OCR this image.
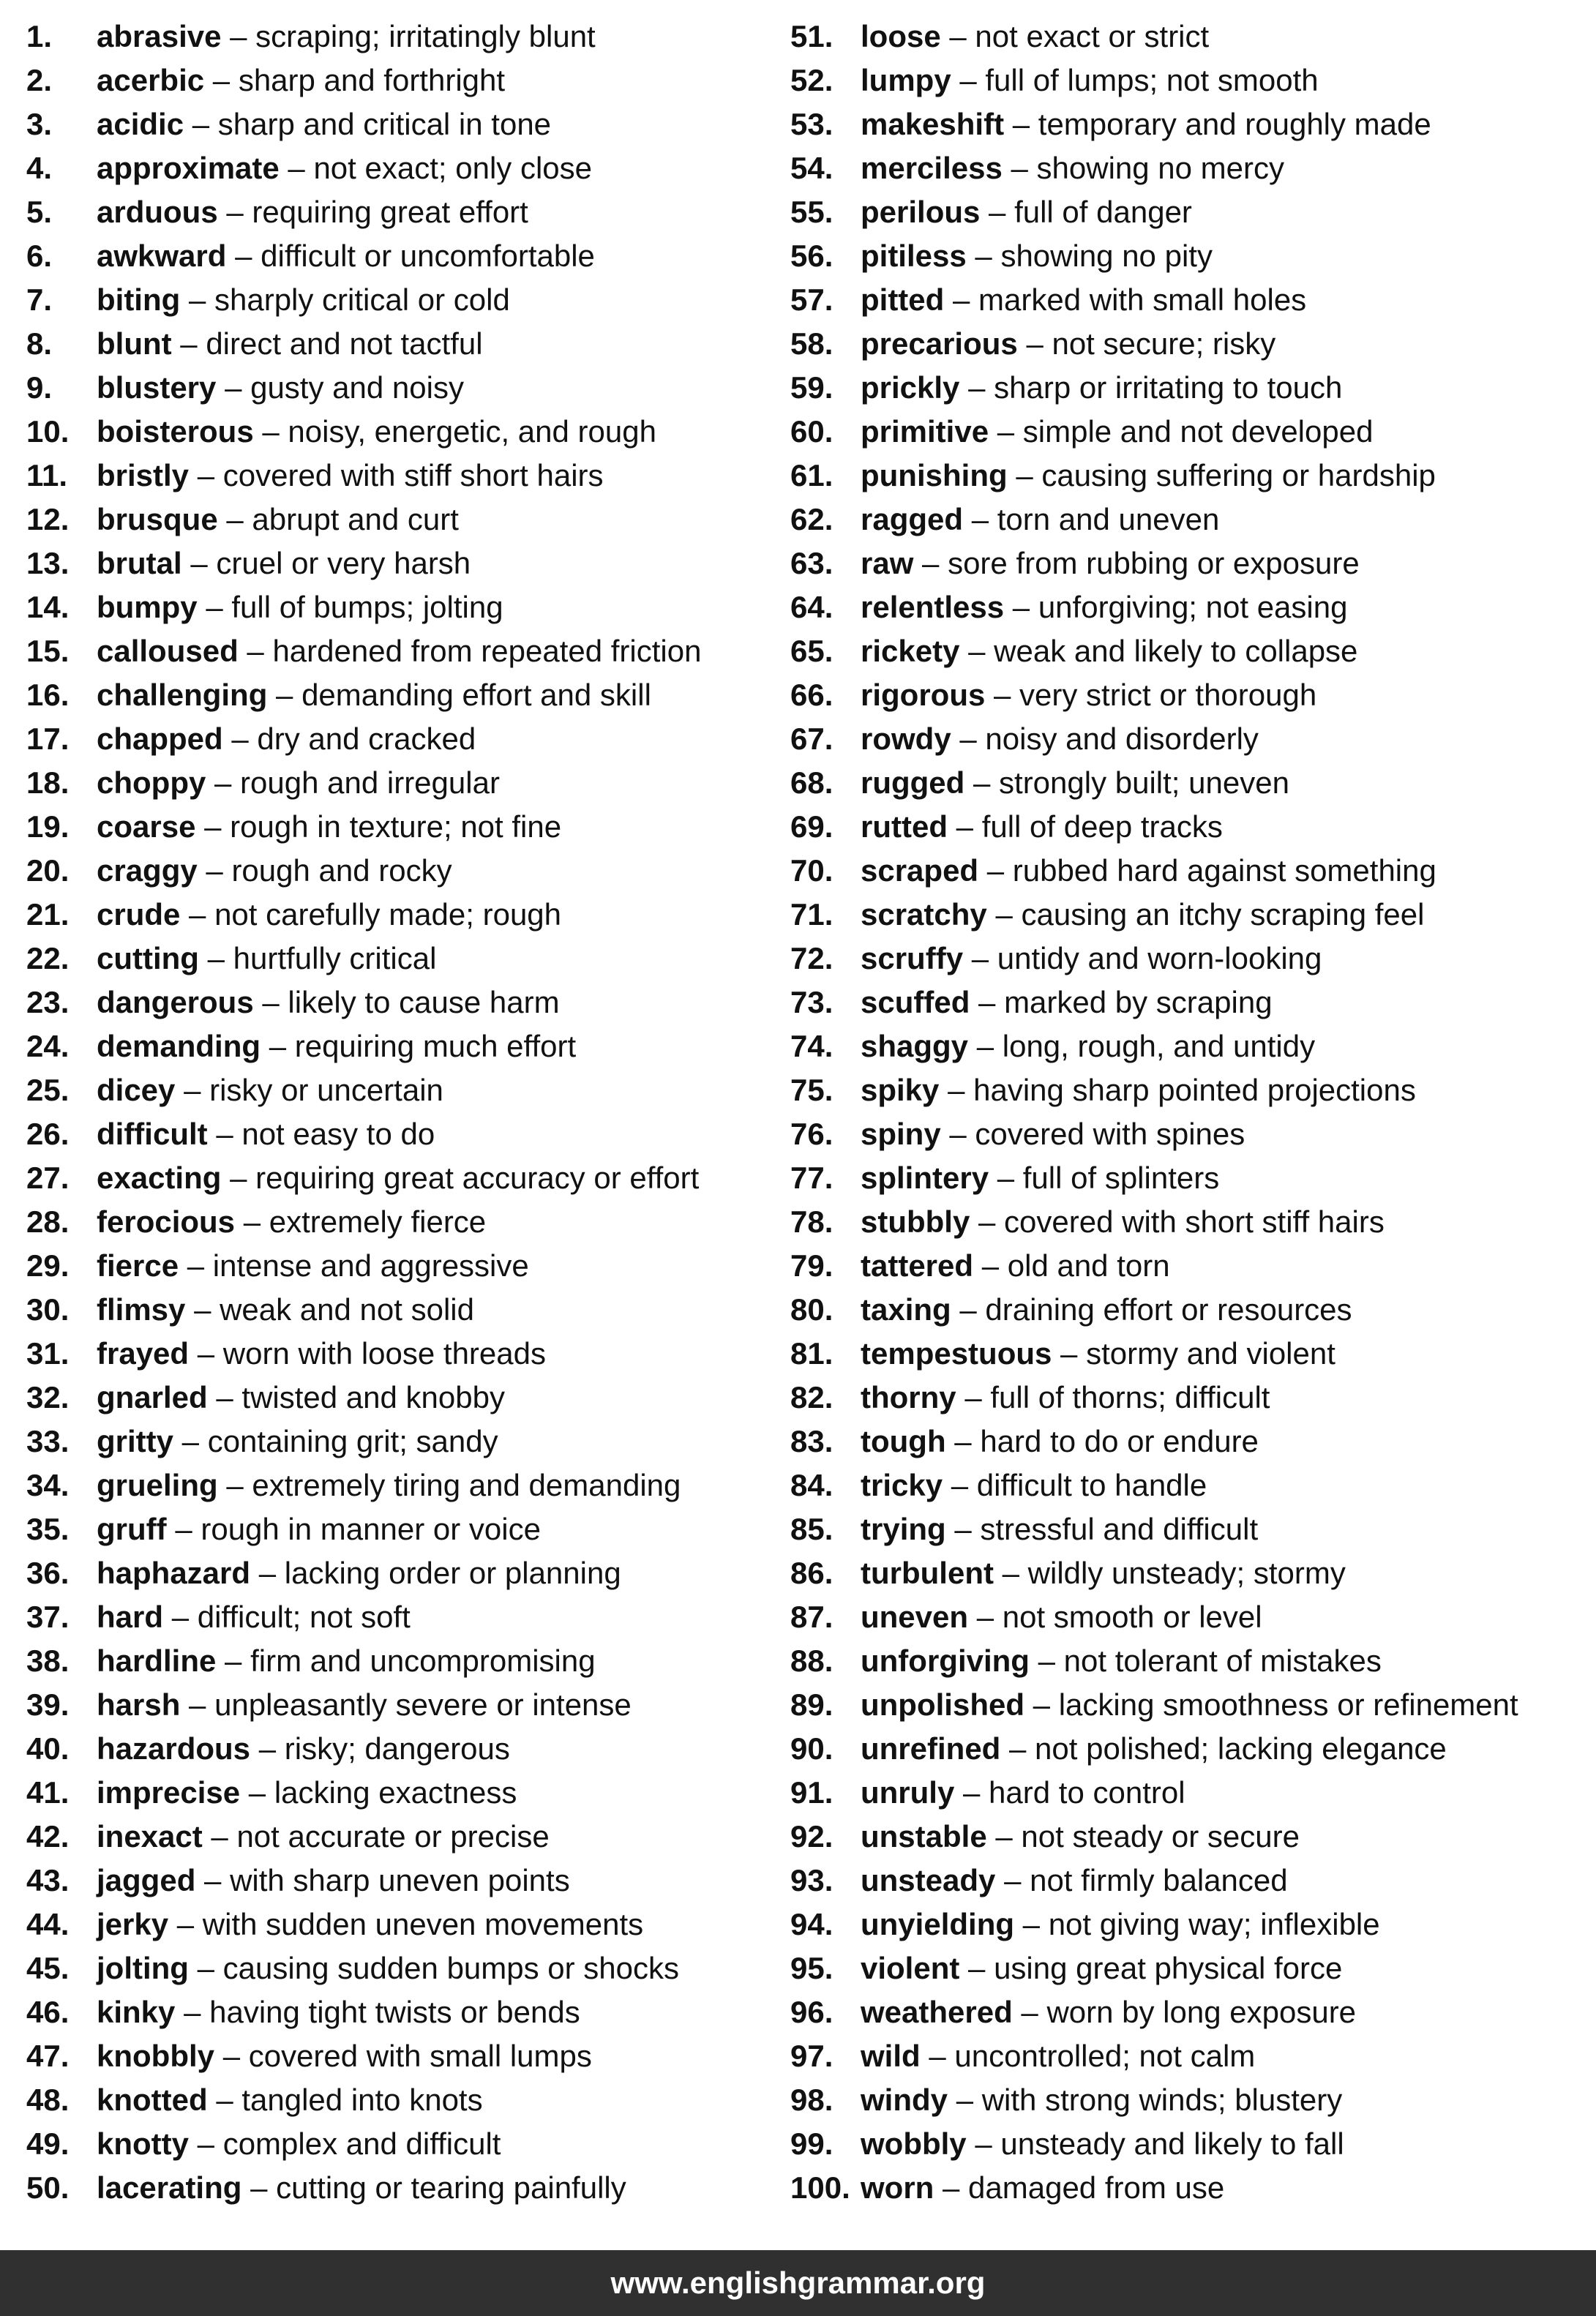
1. abrasive – scraping; irritatingly blunt
2. acerbic – sharp and forthright
3. acidic – sharp and critical in tone
4. approximate – not exact; only close
5. arduous – requiring great effort
6. awkward – difficult or uncomfortable
7. biting – sharply critical or cold
8. blunt – direct and not tactful
9. blustery – gusty and noisy
10. boisterous – noisy, energetic, and rough
11. bristly – covered with stiff short hairs
12. brusque – abrupt and curt
13. brutal – cruel or very harsh
14. bumpy – full of bumps; jolting
15. calloused – hardened from repeated friction
16. challenging – demanding effort and skill
17. chapped – dry and cracked
18. choppy – rough and irregular
19. coarse – rough in texture; not fine
20. craggy – rough and rocky
21. crude – not carefully made; rough
22. cutting – hurtfully critical
23. dangerous – likely to cause harm
24. demanding – requiring much effort
25. dicey – risky or uncertain
26. difficult – not easy to do
27. exacting – requiring great accuracy or effort
28. ferocious – extremely fierce
29. fierce – intense and aggressive
30. flimsy – weak and not solid
31. frayed – worn with loose threads
32. gnarled – twisted and knobby
33. gritty – containing grit; sandy
34. grueling – extremely tiring and demanding
35. gruff – rough in manner or voice
36. haphazard – lacking order or planning
37. hard – difficult; not soft
38. hardline – firm and uncompromising
39. harsh – unpleasantly severe or intense
40. hazardous – risky; dangerous
41. imprecise – lacking exactness
42. inexact – not accurate or precise
43. jagged – with sharp uneven points
44. jerky – with sudden uneven movements
45. jolting – causing sudden bumps or shocks
46. kinky – having tight twists or bends
47. knobbly – covered with small lumps
48. knotted – tangled into knots
49. knotty – complex and difficult
50. lacerating – cutting or tearing painfully
51. loose – not exact or strict
52. lumpy – full of lumps; not smooth
53. makeshift – temporary and roughly made
54. merciless – showing no mercy
55. perilous – full of danger
56. pitiless – showing no pity
57. pitted – marked with small holes
58. precarious – not secure; risky
59. prickly – sharp or irritating to touch
60. primitive – simple and not developed
61. punishing – causing suffering or hardship
62. ragged – torn and uneven
63. raw – sore from rubbing or exposure
64. relentless – unforgiving; not easing
65. rickety – weak and likely to collapse
66. rigorous – very strict or thorough
67. rowdy – noisy and disorderly
68. rugged – strongly built; uneven
69. rutted – full of deep tracks
70. scraped – rubbed hard against something
71. scratchy – causing an itchy scraping feel
72. scruffy – untidy and worn-looking
73. scuffed – marked by scraping
74. shaggy – long, rough, and untidy
75. spiky – having sharp pointed projections
76. spiny – covered with spines
77. splintery – full of splinters
78. stubbly – covered with short stiff hairs
79. tattered – old and torn
80. taxing – draining effort or resources
81. tempestuous – stormy and violent
82. thorny – full of thorns; difficult
83. tough – hard to do or endure
84. tricky – difficult to handle
85. trying – stressful and difficult
86. turbulent – wildly unsteady; stormy
87. uneven – not smooth or level
88. unforgiving – not tolerant of mistakes
89. unpolished – lacking smoothness or refinement
90. unrefined – not polished; lacking elegance
91. unruly – hard to control
92. unstable – not steady or secure
93. unsteady – not firmly balanced
94. unyielding – not giving way; inflexible
95. violent – using great physical force
96. weathered – worn by long exposure
97. wild – uncontrolled; not calm
98. windy – with strong winds; blustery
99. wobbly – unsteady and likely to fall
100. worn – damaged from use
www.englishgrammar.org
